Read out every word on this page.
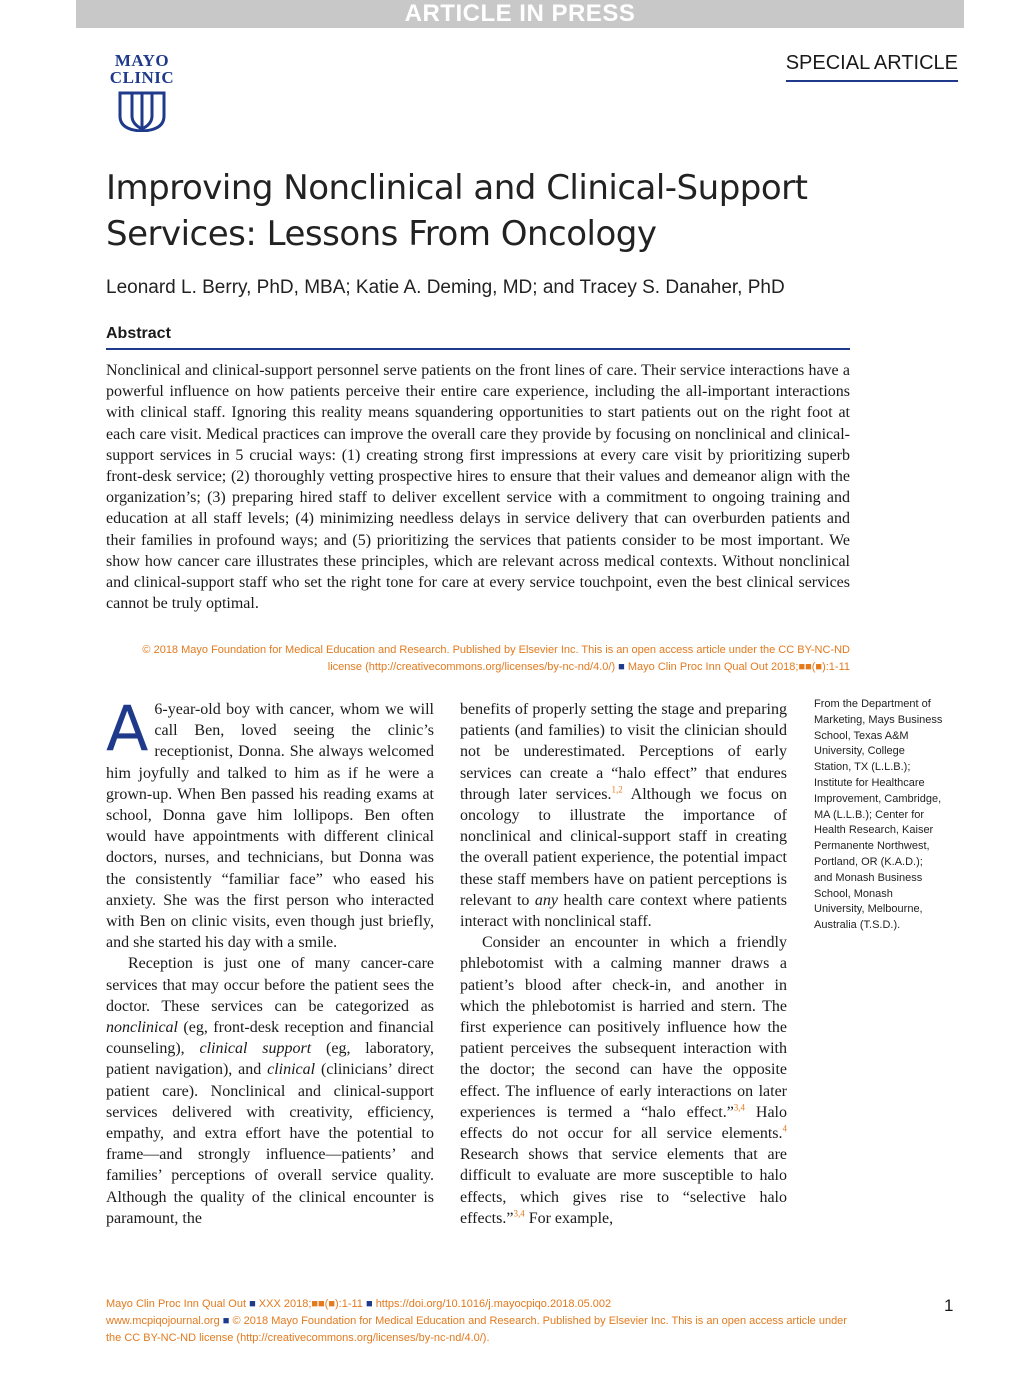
ARTICLE IN PRESS
MAYO
CLINIC
SPECIAL ARTICLE
Improving Nonclinical and Clinical-Support Services: Lessons From Oncology
Leonard L. Berry, PhD, MBA; Katie A. Deming, MD; and Tracey S. Danaher, PhD
Abstract

Nonclinical and clinical-support personnel serve patients on the front lines of care. Their service interactions have a powerful influence on how patients perceive their entire care experience, including the all-important interactions with clinical staff. Ignoring this reality means squandering opportunities to start patients out on the right foot at each care visit. Medical practices can improve the overall care they provide by focusing on nonclinical and clinical-support services in 5 crucial ways: (1) creating strong first impressions at every care visit by prioritizing superb front-desk service; (2) thoroughly vetting prospective hires to ensure that their values and demeanor align with the organization’s; (3) preparing hired staff to deliver excellent service with a commitment to ongoing training and education at all staff levels; (4) minimizing needless delays in service delivery that can overburden patients and their families in profound ways; and (5) prioritizing the services that patients consider to be most important. We show how cancer care illustrates these principles, which are relevant across medical contexts. Without nonclinical and clinical-support staff who set the right tone for care at every service touchpoint, even the best clinical services cannot be truly optimal.

© 2018 Mayo Foundation for Medical Education and Research. Published by Elsevier Inc. This is an open access article under the CC BY-NC-ND
license (http://creativecommons.org/licenses/by-nc-nd/4.0/) ■ Mayo Clin Proc Inn Qual Out 2018;■■(■):1-11

A 6-year-old boy with cancer, whom we will call Ben, loved seeing the clinic’s receptionist, Donna. She always welcomed him joyfully and talked to him as if he were a grown-up. When Ben passed his reading exams at school, Donna gave him lollipops. Ben often would have appointments with different clinical doctors, nurses, and technicians, but Donna was the consistently “familiar face” who eased his anxiety. She was the first person who interacted with Ben on clinic visits, even though just briefly, and she started his day with a smile.

Reception is just one of many cancer-care services that may occur before the patient sees the doctor. These services can be categorized as nonclinical (eg, front-desk reception and financial counseling), clinical support (eg, laboratory, patient navigation), and clinical (clinicians’ direct patient care). Nonclinical and clinical-support services delivered with creativity, efficiency, empathy, and extra effort have the potential to frame—and strongly influence—patients’ and families’ perceptions of overall service quality. Although the quality of the clinical encounter is paramount, the

benefits of properly setting the stage and preparing patients (and families) to visit the clinician should not be underestimated. Perceptions of early services can create a “halo effect” that endures through later services.$^{1,2}$ Although we focus on oncology to illustrate the importance of nonclinical and clinical-support staff in creating the overall patient experience, the potential impact these staff members have on patient perceptions is relevant to any health care context where patients interact with nonclinical staff.

Consider an encounter in which a friendly phlebotomist with a calming manner draws a patient’s blood after check-in, and another in which the phlebotomist is harried and stern. The first experience can positively influence how the patient perceives the subsequent interaction with the doctor; the second can have the opposite effect. The influence of early interactions on later experiences is termed a “halo effect.”$^{3,4}$ Halo effects do not occur for all service elements.$^4$ Research shows that service elements that are difficult to evaluate are more susceptible to halo effects, which gives rise to “selective halo effects.”$^{3,4}$ For example,

From the Department of Marketing, Mays Business School, Texas A&M University, College Station, TX (L.L.B.); Institute for Healthcare Improvement, Cambridge, MA (L.L.B.); Center for Health Research, Kaiser Permanente Northwest, Portland, OR (K.A.D.); and Monash Business School, Monash University, Melbourne, Australia (T.S.D.).
Mayo Clin Proc Inn Qual Out ■ XXX 2018;■■(■):1-11 ■ https://doi.org/10.1016/j.mayocpiqo.2018.05.002
www.mcpiqojournal.org ■ © 2018 Mayo Foundation for Medical Education and Research. Published by Elsevier Inc. This is an open access article under
the CC BY-NC-ND license (http://creativecommons.org/licenses/by-nc-nd/4.0/).
1
